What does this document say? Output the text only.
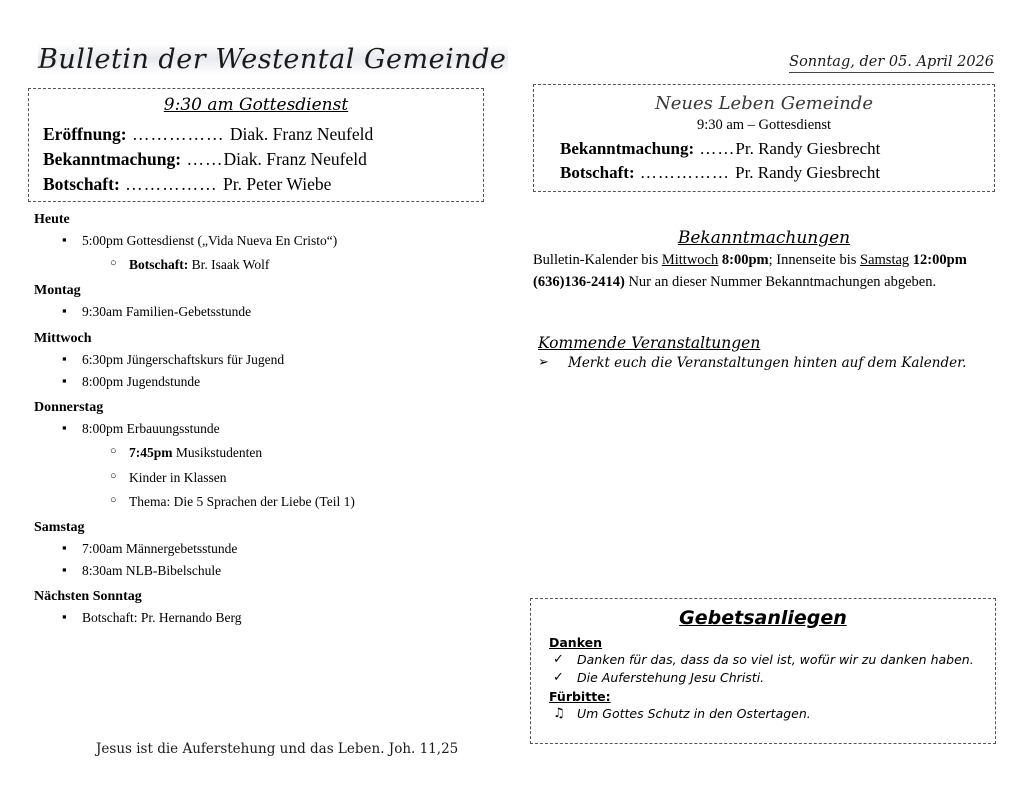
Bulletin der Westental Gemeinde	Sonntag, der 05. April 2026
9:30 am Gottesdienst
Eröffnung: …………… Diak. Franz Neufeld
Bekanntmachung: ……Diak. Franz Neufeld
Botschaft: …………… Pr. Peter Wiebe
Neues Leben Gemeinde
9:30 am – Gottesdienst
Bekanntmachung: ……Pr. Randy Giesbrecht
Botschaft: …………… Pr. Randy Giesbrecht
Heute
▪ 5:00pm Gottesdienst („Vida Nueva En Cristo“)
○ Botschaft: Br. Isaak Wolf
Montag
▪ 9:30am Familien-Gebetsstunde
Mittwoch
▪ 6:30pm Jüngerschaftskurs für Jugend
▪ 8:00pm Jugendstunde
Donnerstag
▪ 8:00pm Erbauungsstunde
○ 7:45pm Musikstudenten
○ Kinder in Klassen
○ Thema: Die 5 Sprachen der Liebe (Teil 1)
Samstag
▪ 7:00am Männergebetsstunde
▪ 8:30am NLB-Bibelschule
Nächsten Sonntag
▪ Botschaft: Pr. Hernando Berg
Jesus ist die Auferstehung und das Leben. Joh. 11,25
Bekanntmachungen
Bulletin-Kalender bis Mittwoch 8:00pm; Innenseite bis Samstag 12:00pm (636)136-2414) Nur an dieser Nummer Bekanntmachungen abgeben.
Kommende Veranstaltungen
➢ Merkt euch die Veranstaltungen hinten auf dem Kalender.
Gebetsanliegen
Danken
✓ Danken für das, dass da so viel ist, wofür wir zu danken haben.
✓ Die Auferstehung Jesu Christi.
Fürbitte:
♫ Um Gottes Schutz in den Ostertagen.
